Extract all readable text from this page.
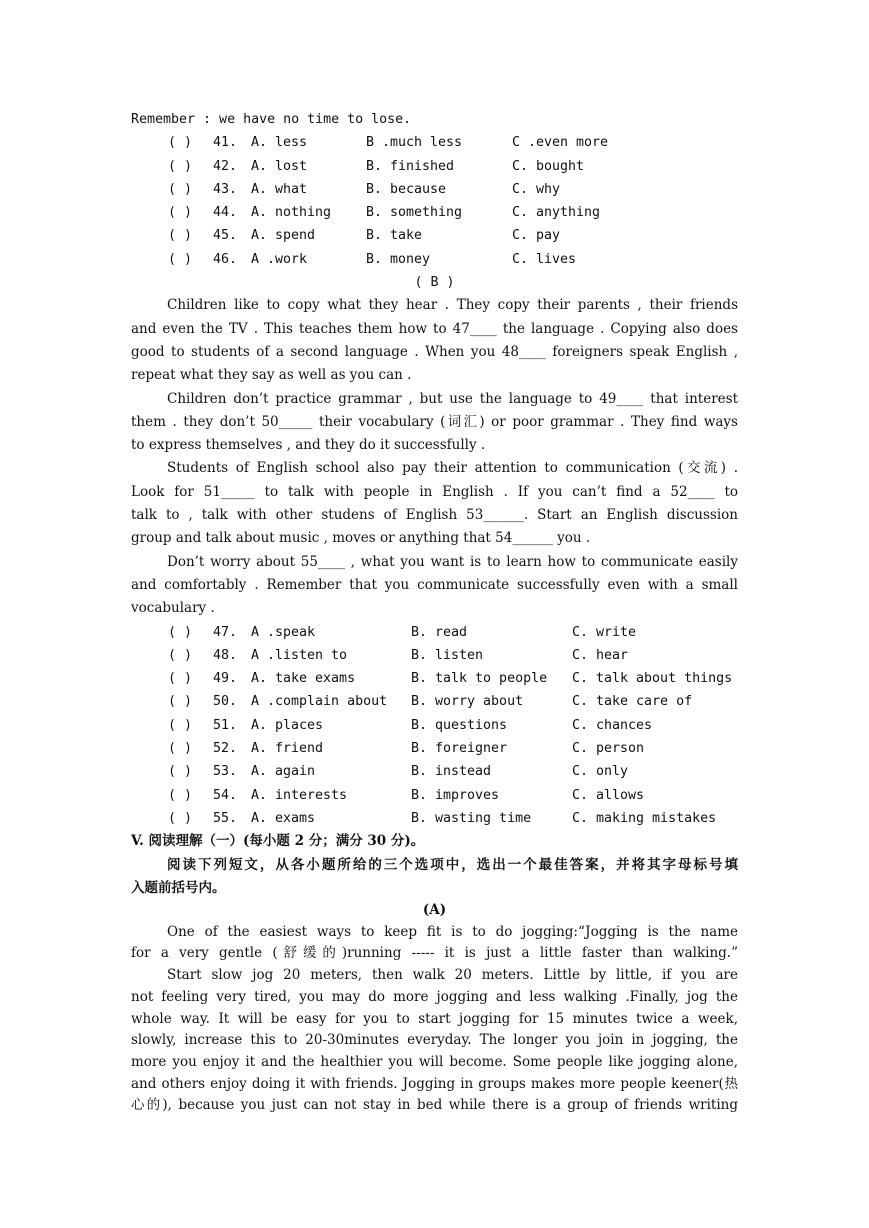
Remember : we have no time to lose.
( ) 41. A. less	B .much less	C .even more
( ) 42. A. lost	B. finished	C. bought
( ) 43. A. what	B. because	C. why
( ) 44. A. nothing	B. something	C. anything
( ) 45. A. spend	B. take	C. pay
( ) 46. A .work	B. money	C. lives
( B )
Children like to copy what they hear . They copy their parents , their friends
and even the TV . This teaches them how to 47____ the language . Copying also does
good to students of a second language . When you 48____ foreigners speak English ,
repeat what they say as well as you can .
Children don’t practice grammar , but use the language to 49____ that interest
them . they don’t 50_____ their vocabulary (词汇) or poor grammar . They find ways
to express themselves , and they do it successfully .
Students of English school also pay their attention to communication (交流) .
Look for 51_____ to talk with people in English . If you can’t find a 52____ to
talk to , talk with other studens of English 53______. Start an English discussion
group and talk about music , moves or anything that 54______ you .
Don’t worry about 55____ , what you want is to learn how to communicate easily
and comfortably . Remember that you communicate successfully even with a small
vocabulary .
( ) 47. A .speak	B. read	C. write
( ) 48. A .listen to	B. listen	C. hear
( ) 49. A. take exams	B. talk to people C. talk about things
( ) 50. A .complain about B. worry about	C. take care of
( ) 51. A. places	B. questions	C. chances
( ) 52. A. friend	B. foreigner	C. person
( ) 53. A. again	B. instead	C. only
( ) 54. A. interests	B. improves	C. allows
( ) 55. A. exams	B. wasting time	C. making mistakes
V. 阅读理解（一）(每小题 2 分；满分 30 分)。
阅读下列短文，从各小题所给的三个选项中，选出一个最佳答案，并将其字母标号填
入题前括号内。
(A)
One of the easiest ways to keep fit is to do jogging:“Jogging is the name
for a very gentle (舒缓的)running ----- it is just a little faster than walking.”
Start slow jog 20 meters, then walk 20 meters. Little by little, if you are
not feeling very tired, you may do more jogging and less walking .Finally, jog the
whole way. It will be easy for you to start jogging for 15 minutes twice a week,
slowly, increase this to 20-30minutes everyday. The longer you join in jogging, the
more you enjoy it and the healthier you will become. Some people like jogging alone,
and others enjoy doing it with friends. Jogging in groups makes more people keener(热
心的), because you just can not stay in bed while there is a group of friends writing
